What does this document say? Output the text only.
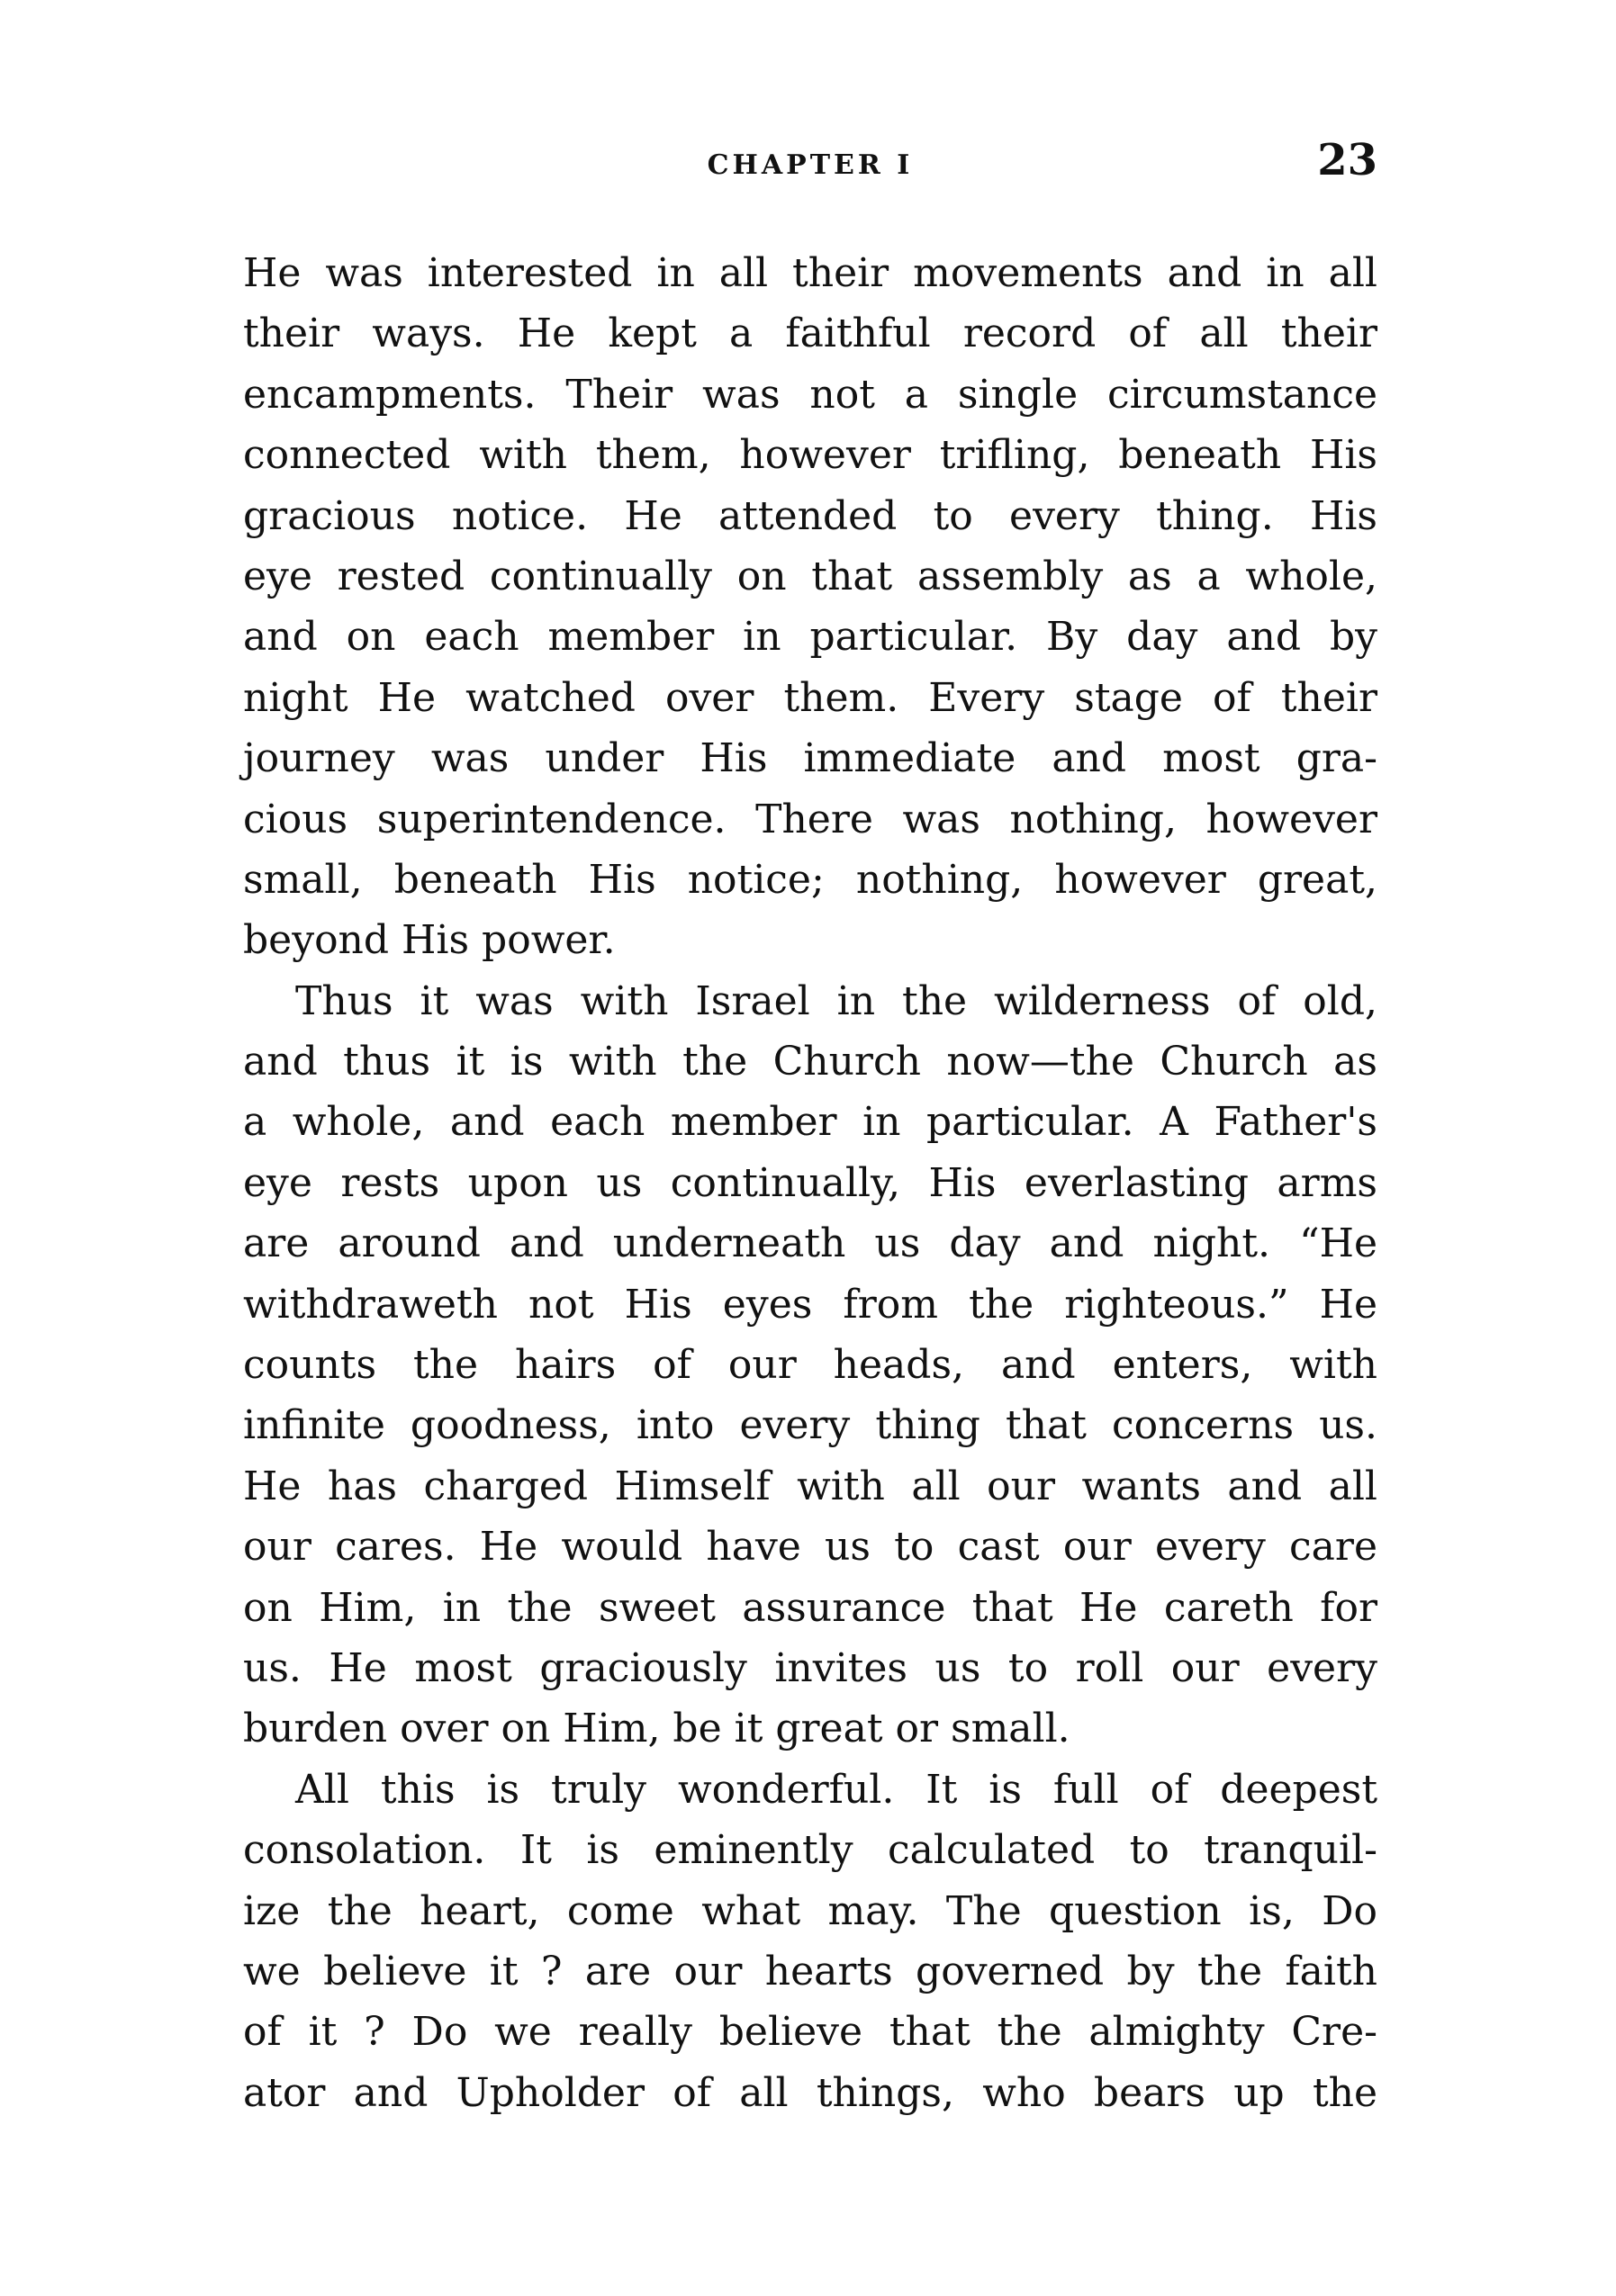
CHAPTER I	23
He was interested in all their movements and in all
their ways. He kept a faithful record of all their
encampments. Their was not a single circumstance
connected with them, however trifling, beneath His
gracious notice. He attended to every thing. His
eye rested continually on that assembly as a whole,
and on each member in particular. By day and by
night He watched over them. Every stage of their
journey was under His immediate and most gra-
cious superintendence. There was nothing, however
small, beneath His notice; nothing, however great,
beyond His power.
Thus it was with Israel in the wilderness of old,
and thus it is with the Church now—the Church as
a whole, and each member in particular. A Father's
eye rests upon us continually, His everlasting arms
are around and underneath us day and night. “He
withdraweth not His eyes from the righteous.” He
counts the hairs of our heads, and enters, with
infinite goodness, into every thing that concerns us.
He has charged Himself with all our wants and all
our cares. He would have us to cast our every care
on Him, in the sweet assurance that He careth for
us. He most graciously invites us to roll our every
burden over on Him, be it great or small.
All this is truly wonderful. It is full of deepest
consolation. It is eminently calculated to tranquil-
ize the heart, come what may. The question is, Do
we believe it ? are our hearts governed by the faith
of it ? Do we really believe that the almighty Cre-
ator and Upholder of all things, who bears up the
